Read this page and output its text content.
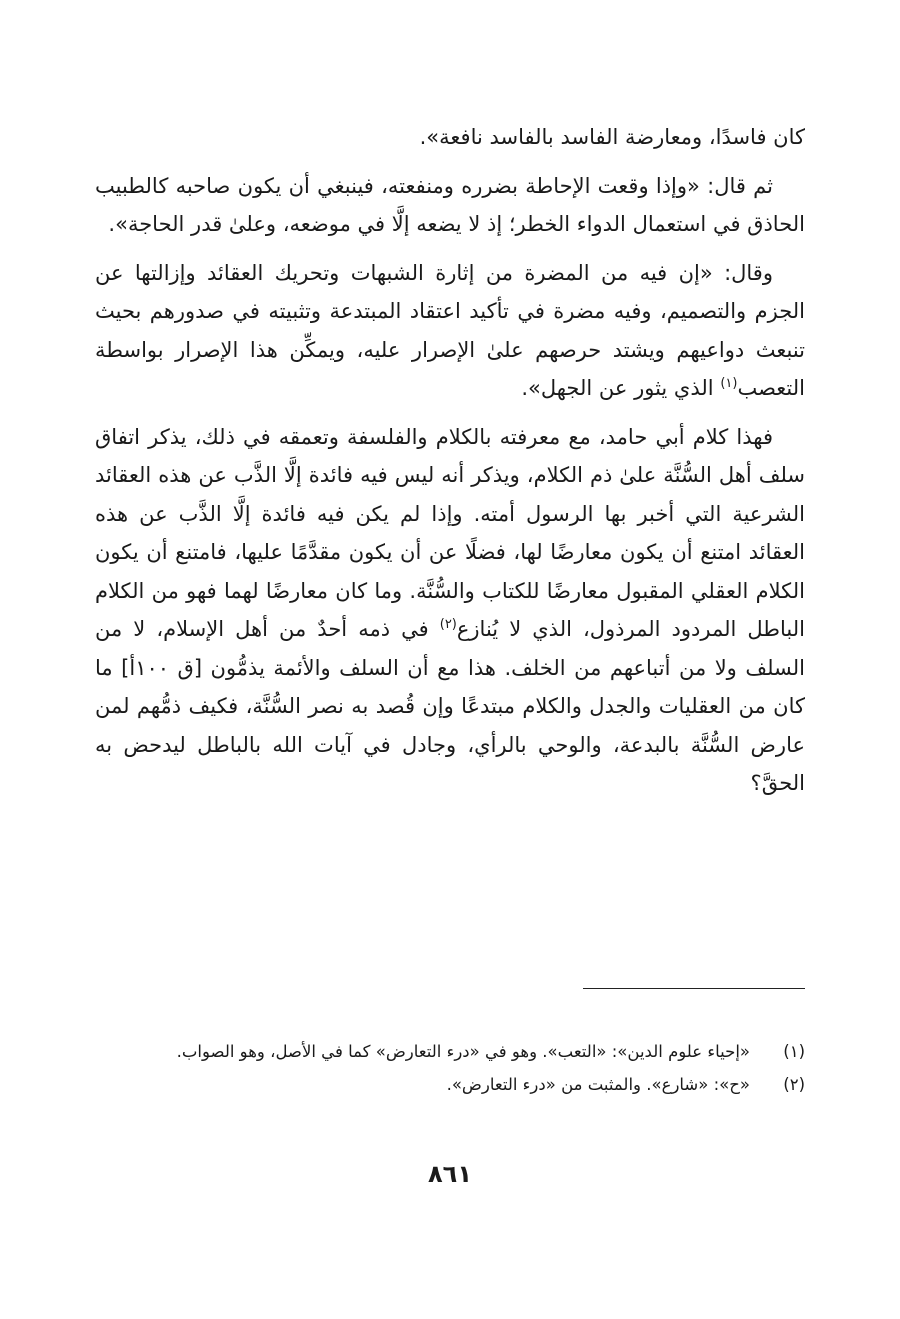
كان فاسدًا، ومعارضة الفاسد بالفاسد نافعة».

ثم قال: «وإذا وقعت الإحاطة بضرره ومنفعته، فينبغي أن يكون صاحبه كالطبيب الحاذق في استعمال الدواء الخطر؛ إذ لا يضعه إلَّا في موضعه، وعلىٰ قدر الحاجة».

وقال: «إن فيه من المضرة من إثارة الشبهات وتحريك العقائد وإزالتها عن الجزم والتصميم، وفيه مضرة في تأكيد اعتقاد المبتدعة وتثبيته في صدورهم بحيث تنبعث دواعيهم ويشتد حرصهم علىٰ الإصرار عليه، ويمكِّن هذا الإصرار بواسطة التعصب$^{(١)}$ الذي يثور عن الجهل».

فهذا كلام أبي حامد، مع معرفته بالكلام والفلسفة وتعمقه في ذلك، يذكر اتفاق سلف أهل السُّنَّة علىٰ ذم الكلام، ويذكر أنه ليس فيه فائدة إلَّا الذَّب عن هذه العقائد الشرعية التي أخبر بها الرسول أمته. وإذا لم يكن فيه فائدة إلَّا الذَّب عن هذه العقائد امتنع أن يكون معارضًا لها، فضلًا عن أن يكون مقدَّمًا عليها، فامتنع أن يكون الكلام العقلي المقبول معارضًا للكتاب والسُّنَّة. وما كان معارضًا لهما فهو من الكلام الباطل المردود المرذول، الذي لا يُنازع$^{(٢)}$ في ذمه أحدٌ من أهل الإسلام، لا من السلف ولا من أتباعهم من الخلف. هذا مع أن السلف والأئمة يذمُّون [ق ١٠٠أ] ما كان من العقليات والجدل والكلام مبتدعًا وإن قُصد به نصر السُّنَّة، فكيف ذمُّهم لمن عارض السُّنَّة بالبدعة، والوحي بالرأي، وجادل في آيات الله بالباطل ليدحض به الحقَّ؟

(١)
«إحياء علوم الدين»: «التعب». وهو في «درء التعارض» كما في الأصل، وهو الصواب.
(٢)
«ح»: «شارع». والمثبت من «درء التعارض».
٨٦١
